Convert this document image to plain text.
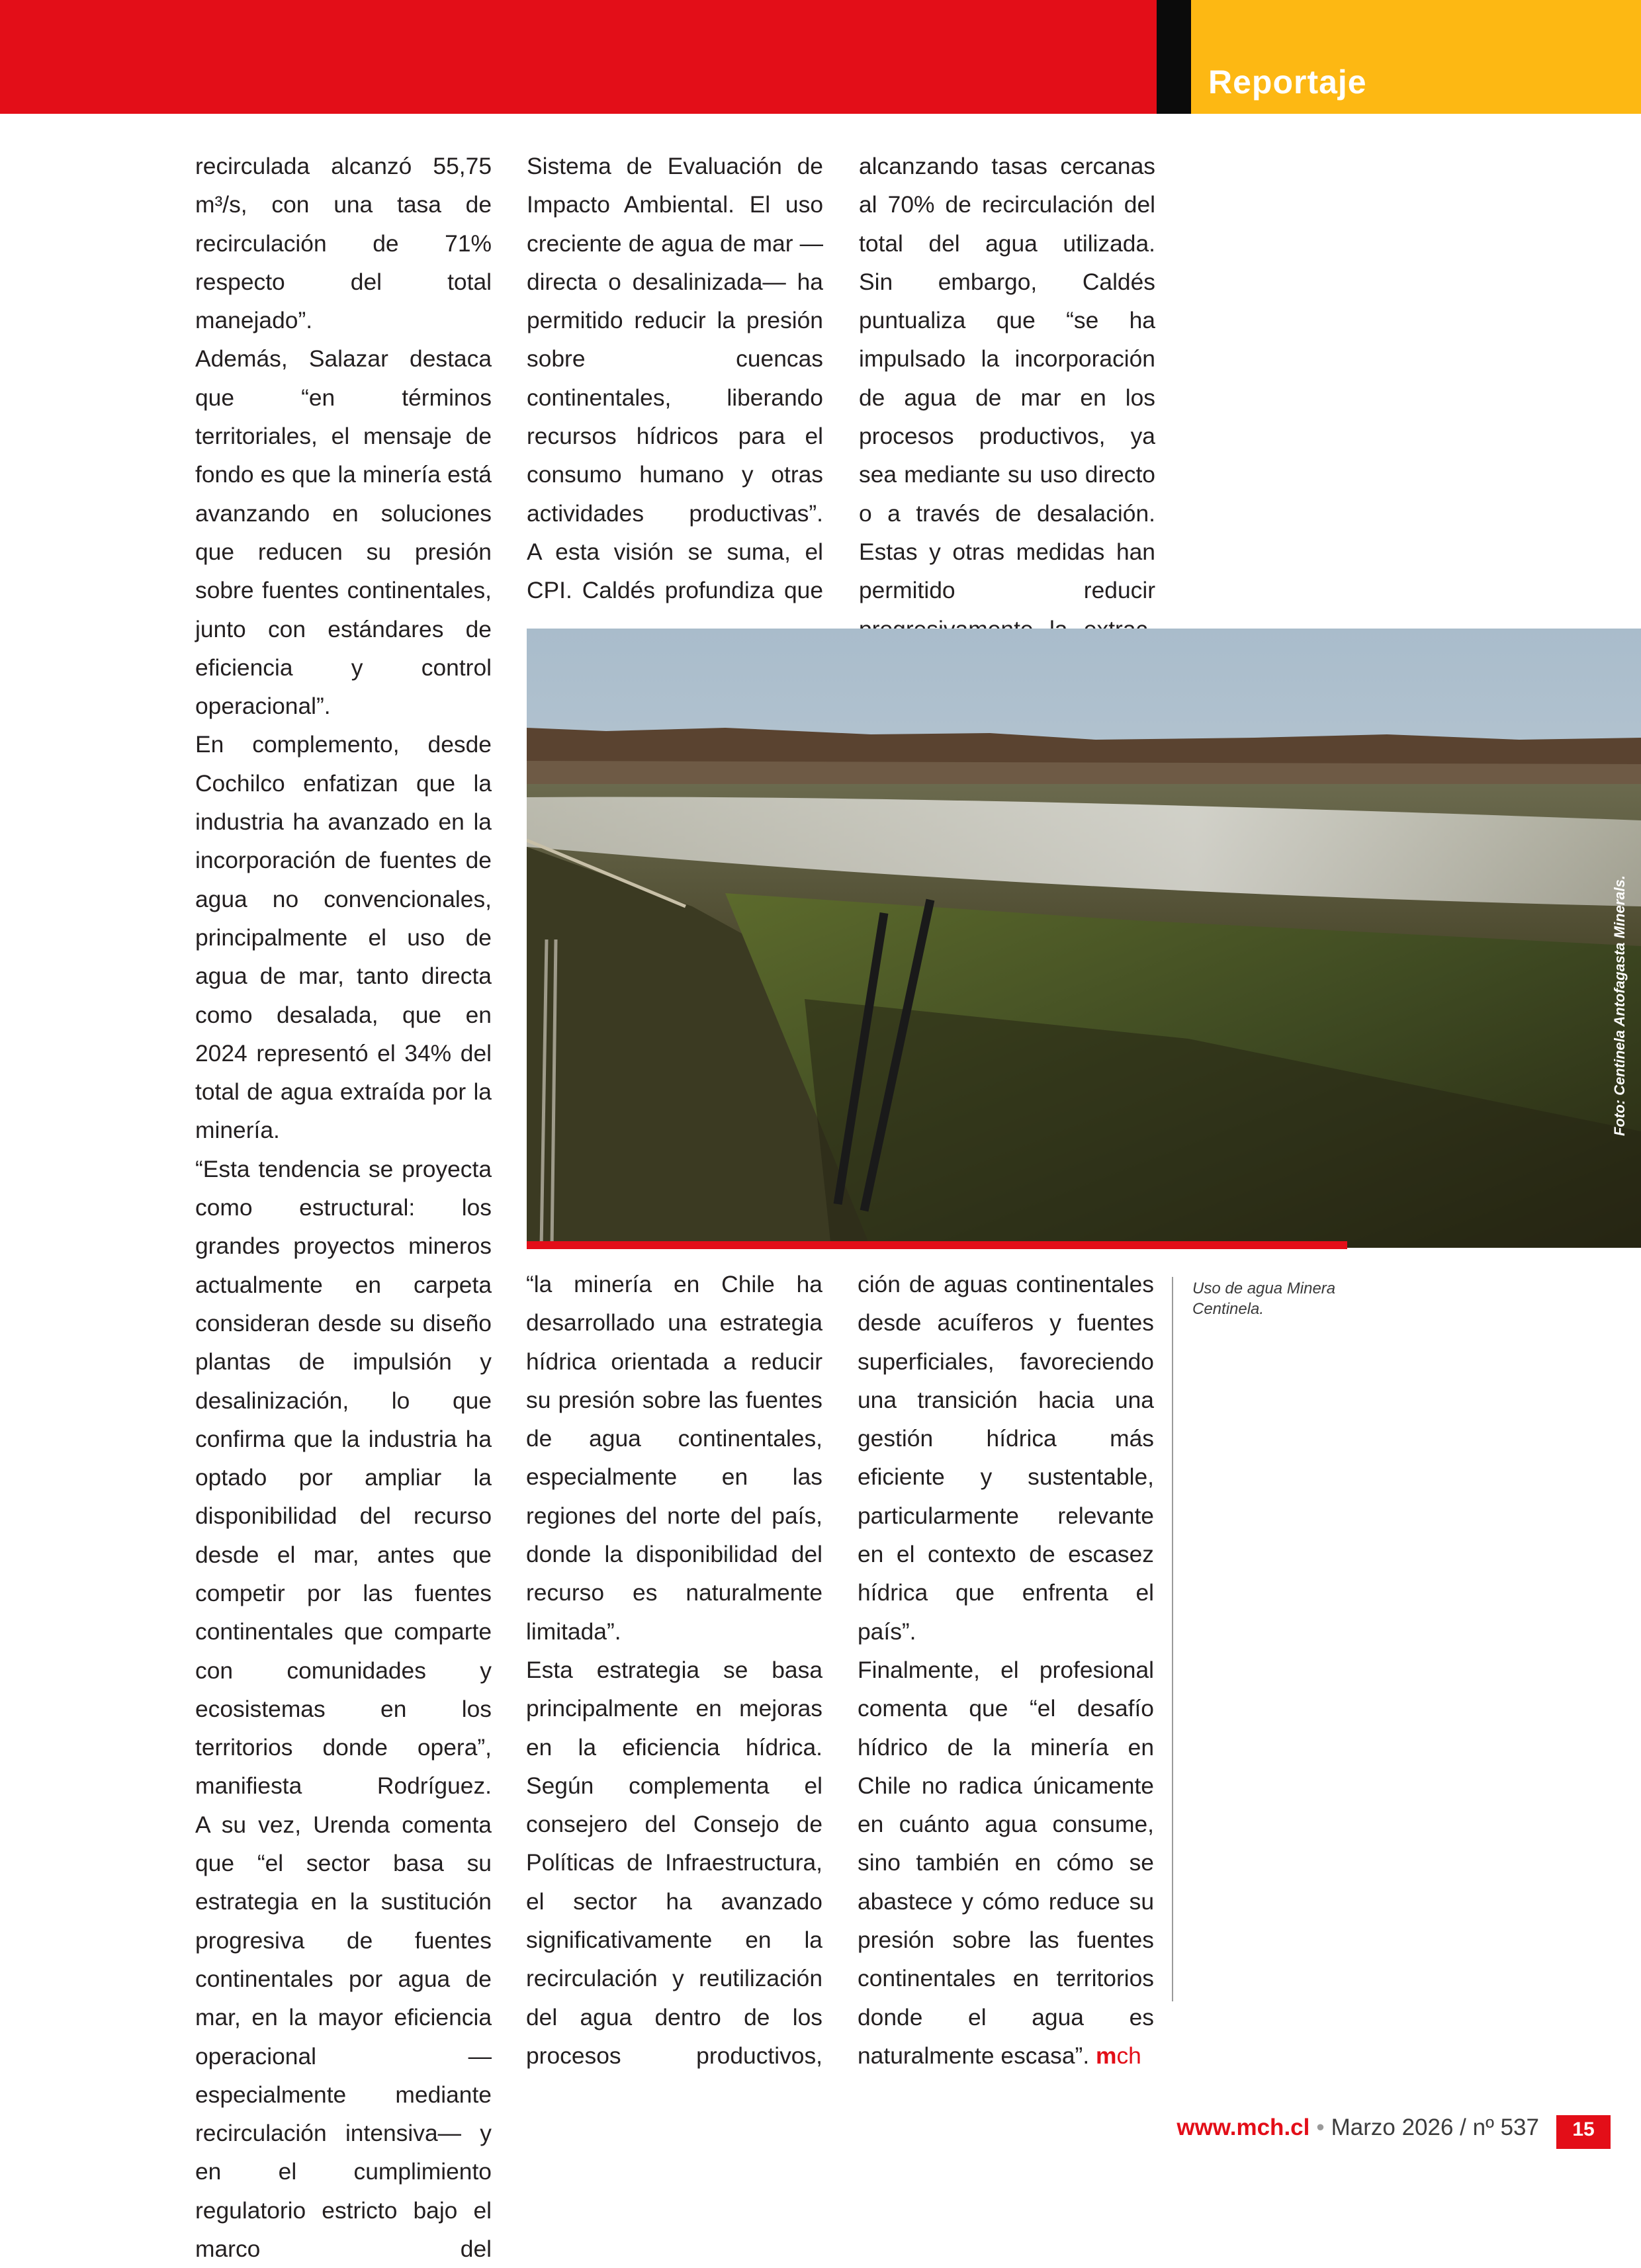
Reportaje

recirculada alcanzó 55,75 m³/s, con una tasa de recirculación de 71% respecto del total manejado”.

Además, Salazar destaca que “en términos territoriales, el mensaje de fondo es que la minería está avanzando en soluciones que reducen su presión sobre fuentes continentales, junto con estándares de eficiencia y control operacional”.

En complemento, desde Cochilco enfatizan que la industria ha avanzado en la incorporación de fuentes de agua no convencionales, principalmente el uso de agua de mar, tanto directa como desalada, que en 2024 representó el 34% del total de agua extraída por la minería.

“Esta tendencia se proyecta como estructural: los grandes proyectos mineros actualmente en carpeta consideran desde su diseño plantas de impulsión y desalinización, lo que confirma que la industria ha optado por ampliar la disponibilidad del recurso desde el mar, antes que competir por las fuentes continentales que comparte con comunidades y ecosistemas en los territorios donde opera”, manifiesta Rodríguez.

A su vez, Urenda comenta que “el sector basa su estrategia en la sustitución progresiva de fuentes continentales por agua de mar, en la mayor eficiencia operacional —especialmente mediante recirculación intensiva— y en el cumplimiento regulatorio estricto bajo el marco del

Sistema de Evaluación de Impacto Ambiental. El uso creciente de agua de mar —directa o desalinizada— ha permitido reducir la presión sobre cuencas continentales, liberando recursos hídricos para el consumo humano y otras actividades productivas”.

A esta visión se suma, el CPI. Caldés profundiza que

alcanzando tasas cercanas al 70% de recirculación del total del agua utilizada.

Sin embargo, Caldés puntualiza que “se ha impulsado la incorporación de agua de mar en los procesos productivos, ya sea mediante su uso directo o a través de desalación. Estas y otras medidas han permitido reducir

Foto: Centinela Antofagasta Minerals.

“la minería en Chile ha desarrollado una estrategia hídrica orientada a reducir su presión sobre las fuentes de agua continentales, especialmente en las regiones del norte del país, donde la disponibilidad del recurso es naturalmente limitada”.

Esta estrategia se basa principalmente en mejoras en la eficiencia hídrica. Según complementa el consejero del Consejo de Políticas de Infraestructura, el sector ha avanzado significativamente en la recirculación y reutilización del agua dentro de los procesos productivos,

ción de aguas continentales desde acuíferos y fuentes superficiales, favoreciendo una transición hacia una gestión hídrica más eficiente y sustentable, particularmente relevante en el contexto de escasez hídrica que enfrenta el país”.

Finalmente, el profesional comenta que “el desafío hídrico de la minería en Chile no radica únicamente en cuánto agua consume, sino también en cómo se abastece y cómo reduce su presión sobre las fuentes continentales en territorios donde el agua es naturalmente escasa”. mch

Uso de agua Minera Centinela.
www.mch.cl • Marzo 2026 / nº 537	15
